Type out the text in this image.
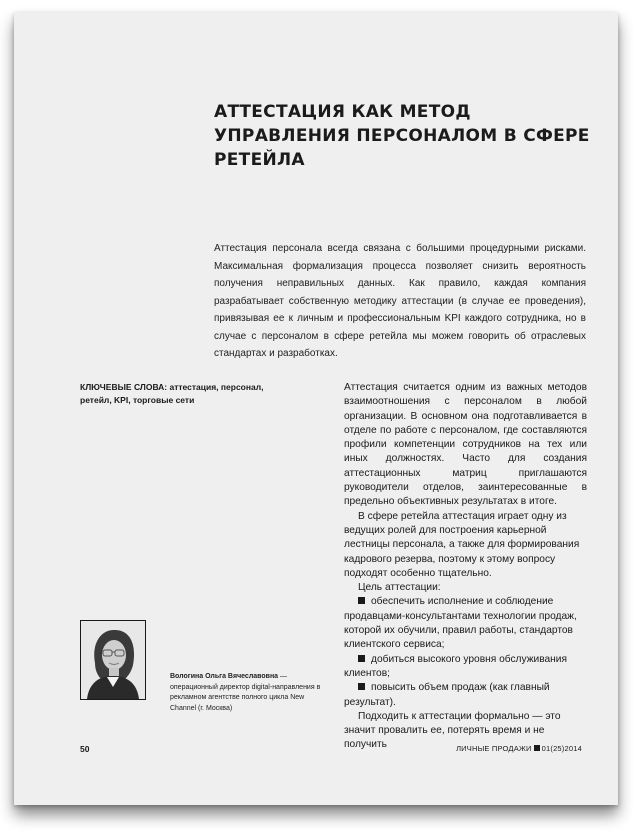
АТТЕСТАЦИЯ КАК МЕТОД УПРАВЛЕНИЯ ПЕРСОНАЛОМ В СФЕРЕ РЕТЕЙЛА

Аттестация персонала всегда связана с большими процедурными рисками. Максимальная формализация процесса позволяет снизить вероятность получения неправильных данных. Как правило, каждая компания разрабатывает собственную методику аттестации (в случае ее проведения), привязывая ее к личным и профессиональным KPI каждого сотрудника, но в случае с персоналом в сфере ретейла мы можем говорить об отраслевых стандартах и разработках.

КЛЮЧЕВЫЕ СЛОВА: аттестация, персонал, ретейл, KPI, торговые сети

Аттестация считается одним из важных методов взаимоотношения с персоналом в любой организации. В основном она подготавливается в отделе по работе с персоналом, где составляются профили компетенции сотрудников на тех или иных должностях. Часто для создания аттестационных матриц приглашаются руководители отделов, заинтересованные в предельно объективных результатах в итоге.

В сфере ретейла аттестация играет одну из ведущих ролей для построения карьерной лестницы персонала, а также для формирования кадрового резерва, поэтому к этому вопросу подходят особенно тщательно.

Цель аттестации:

обеспечить исполнение и соблюдение продавцами-консультантами технологии продаж, которой их обучили, правил работы, стандартов клиентского сервиса;

добиться высокого уровня обслуживания клиентов;

повысить объем продаж (как главный результат).

Подходить к аттестации формально — это значит провалить ее, потерять время и не получить

Вологина Ольга Вячеславовна — операционный директор digital-направления в рекламном агентстве полного цикла New Channel (г. Москва)

50	ЛИЧНЫЕ ПРОДАЖИ 01(25)2014
